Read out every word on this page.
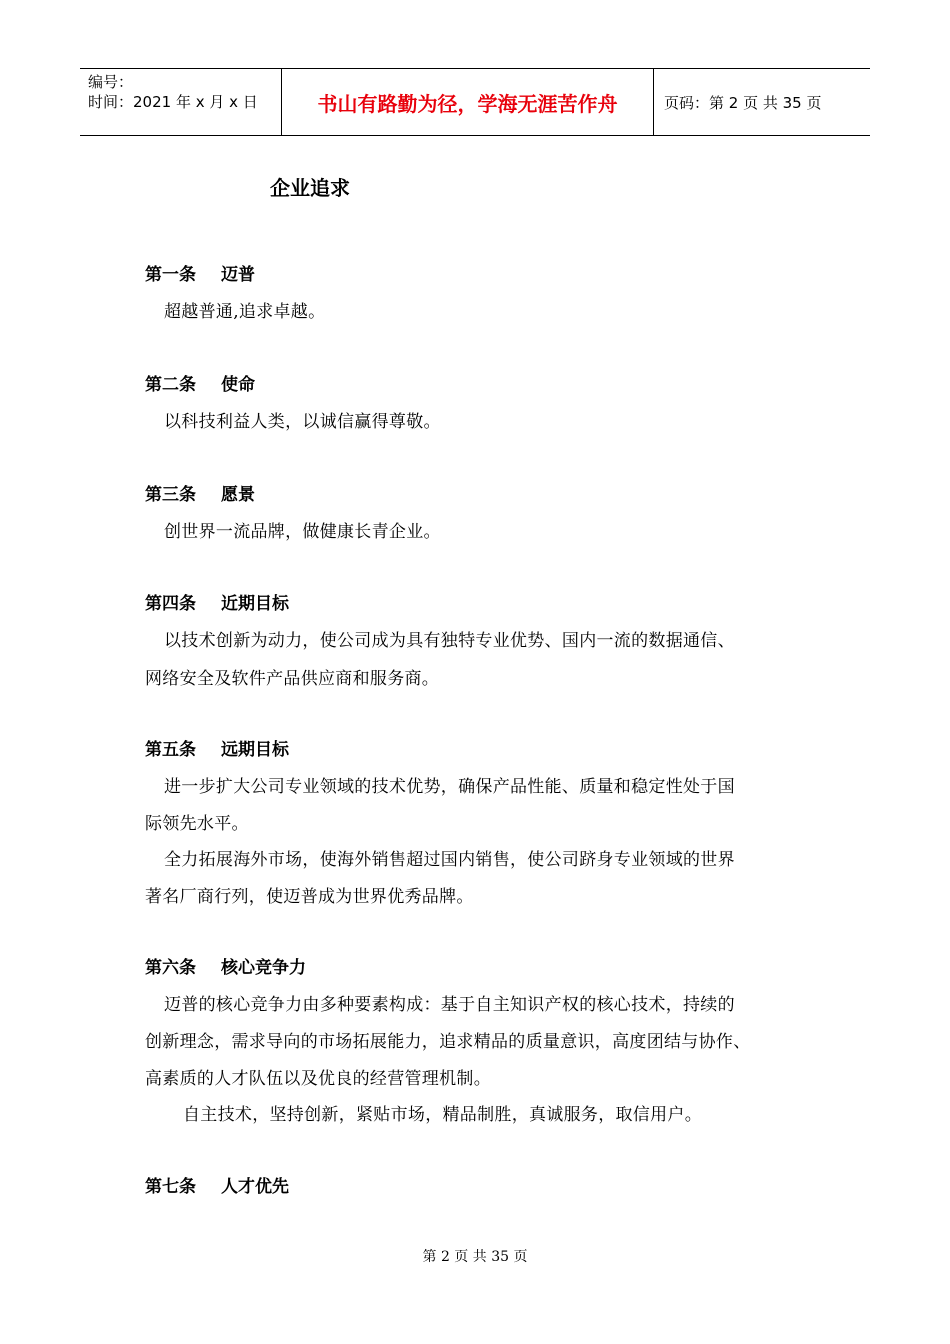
编号：
时间：2021 年 x 月 x 日	书山有路勤为径，学海无涯苦作舟	页码：第 2 页 共 35 页
企业追求
第一条 迈普
超越普通,追求卓越。
第二条 使命
以科技利益人类，以诚信赢得尊敬。
第三条 愿景
创世界一流品牌，做健康长青企业。
第四条 近期目标
以技术创新为动力，使公司成为具有独特专业优势、国内一流的数据通信、
网络安全及软件产品供应商和服务商。
第五条 远期目标
进一步扩大公司专业领域的技术优势，确保产品性能、质量和稳定性处于国
际领先水平。
全力拓展海外市场，使海外销售超过国内销售，使公司跻身专业领域的世界
著名厂商行列，使迈普成为世界优秀品牌。
第六条 核心竞争力
迈普的核心竞争力由多种要素构成：基于自主知识产权的核心技术，持续的
创新理念，需求导向的市场拓展能力，追求精品的质量意识，高度团结与协作、
高素质的人才队伍以及优良的经营管理机制。
自主技术，坚持创新，紧贴市场，精品制胜，真诚服务，取信用户。
第七条 人才优先
第 2 页 共 35 页
